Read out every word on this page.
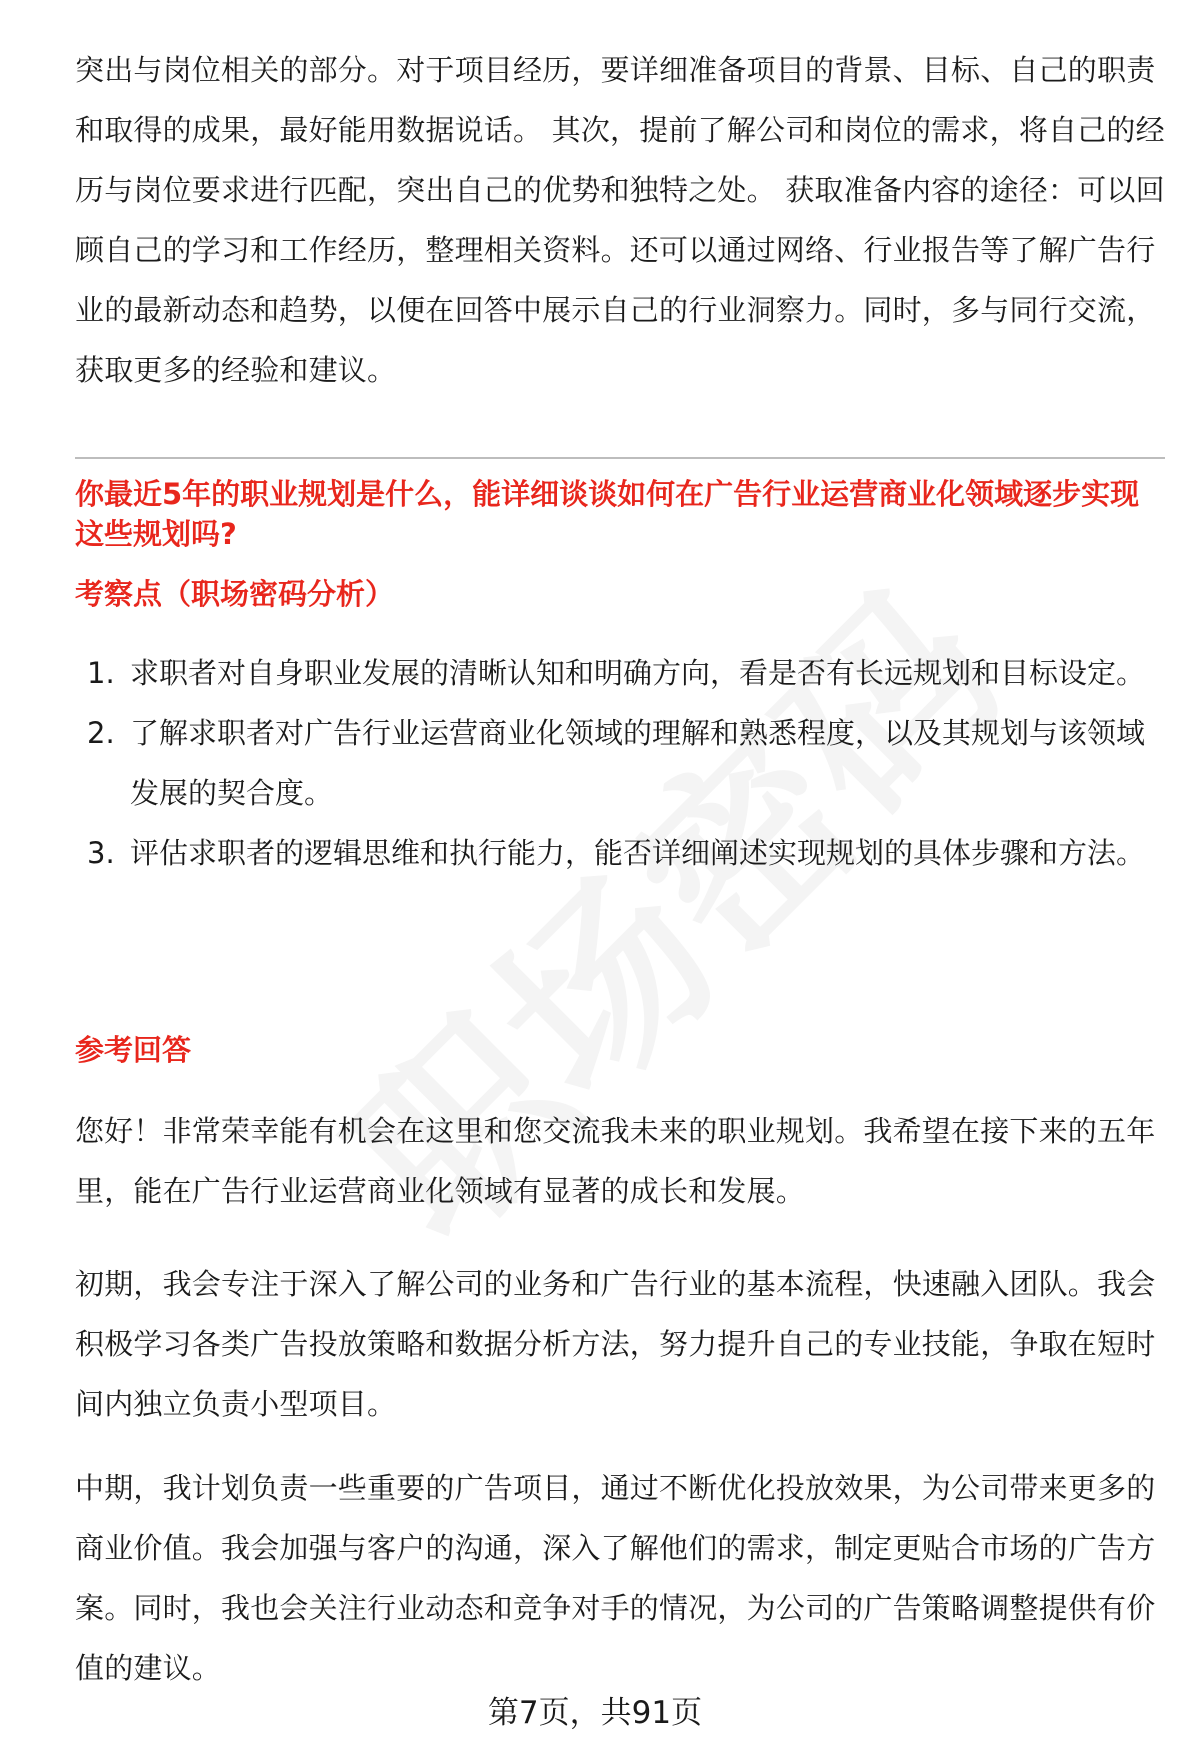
突出与岗位相关的部分。对于项目经历，要详细准备项目的背景、目标、自己的职责和取得的成果，最好能用数据说话。 其次，提前了解公司和岗位的需求，将自己的经历与岗位要求进行匹配，突出自己的优势和独特之处。 获取准备内容的途径：可以回顾自己的学习和工作经历，整理相关资料。还可以通过网络、行业报告等了解广告行业的最新动态和趋势，以便在回答中展示自己的行业洞察力。同时，多与同行交流，获取更多的经验和建议。

你最近5年的职业规划是什么，能详细谈谈如何在广告行业运营商业化领域逐步实现这些规划吗?

考察点（职场密码分析）

1. 求职者对自身职业发展的清晰认知和明确方向，看是否有长远规划和目标设定。
2. 了解求职者对广告行业运营商业化领域的理解和熟悉程度，以及其规划与该领域发展的契合度。
3. 评估求职者的逻辑思维和执行能力，能否详细阐述实现规划的具体步骤和方法。

参考回答

您好！非常荣幸能有机会在这里和您交流我未来的职业规划。我希望在接下来的五年里，能在广告行业运营商业化领域有显著的成长和发展。

初期，我会专注于深入了解公司的业务和广告行业的基本流程，快速融入团队。我会积极学习各类广告投放策略和数据分析方法，努力提升自己的专业技能，争取在短时间内独立负责小型项目。

中期，我计划负责一些重要的广告项目，通过不断优化投放效果，为公司带来更多的商业价值。我会加强与客户的沟通，深入了解他们的需求，制定更贴合市场的广告方案。同时，我也会关注行业动态和竞争对手的情况，为公司的广告策略调整提供有价值的建议。

第7页，共91页
